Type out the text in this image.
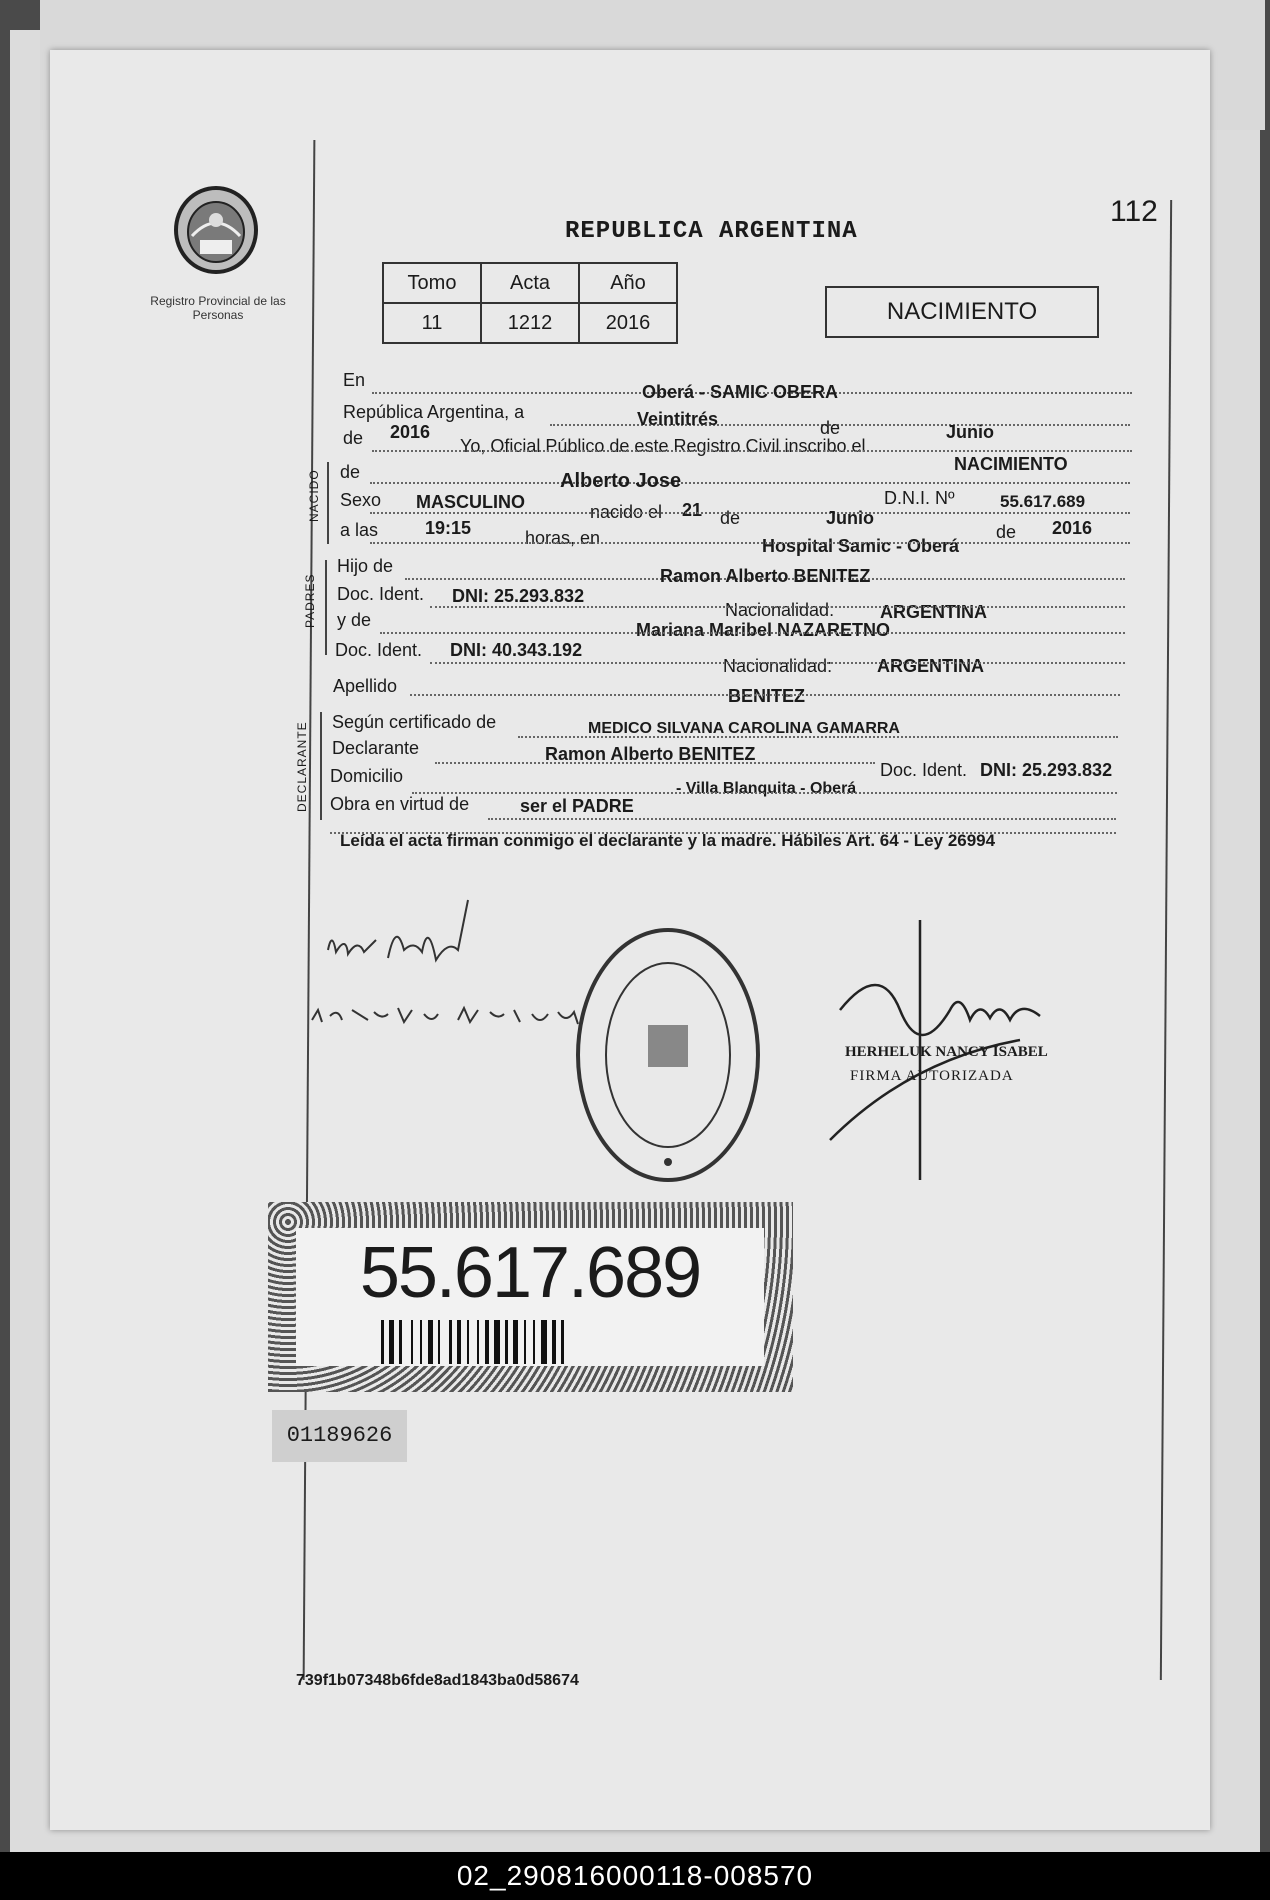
Registro Provincial de las Personas
REPUBLICA ARGENTINA
112
Tomo	Acta	Año
11	1212	2016	NACIMIENTO
NACIDO
PADRES
DECLARANTE
En
Oberá - SAMIC OBERA
República Argentina, a	Veintitrés	de	Junio
de 2016
Yo, Oficial Público de este Registro Civil inscribo el
NACIMIENTO
de	Alberto Jose
Sexo MASCULINO	nacido el 21
D.N.I. Nº	55.617.689
a las	19:15	de	Junio
de 2016
horas, en	Hospital Samic - Oberá
Hijo de	Ramon Alberto BENITEZ
Doc. Ident. DNI: 25.293.832
Nacionalidad:	ARGENTINA
y de	Mariana Maribel NAZARETNO
Doc. Ident. DNI: 40.343.192
Nacionalidad: ARGENTINA
Apellido	BENITEZ
Según certificado de	MEDICO SILVANA CAROLINA GAMARRA
Declarante	Ramon Alberto BENITEZ
Doc. Ident. DNI: 25.293.832
Domicilio
- Villa Blanquita - Oberá
Obra en virtud de	ser el PADRE
Leída el acta firman conmigo el declarante y la madre. Hábiles Art. 64 - Ley 26994
HERHELUK NANCY ISABEL
FIRMA AUTORIZADA
55.617.689
01189626
739f1b07348b6fde8ad1843ba0d58674
02_290816000118-008570
